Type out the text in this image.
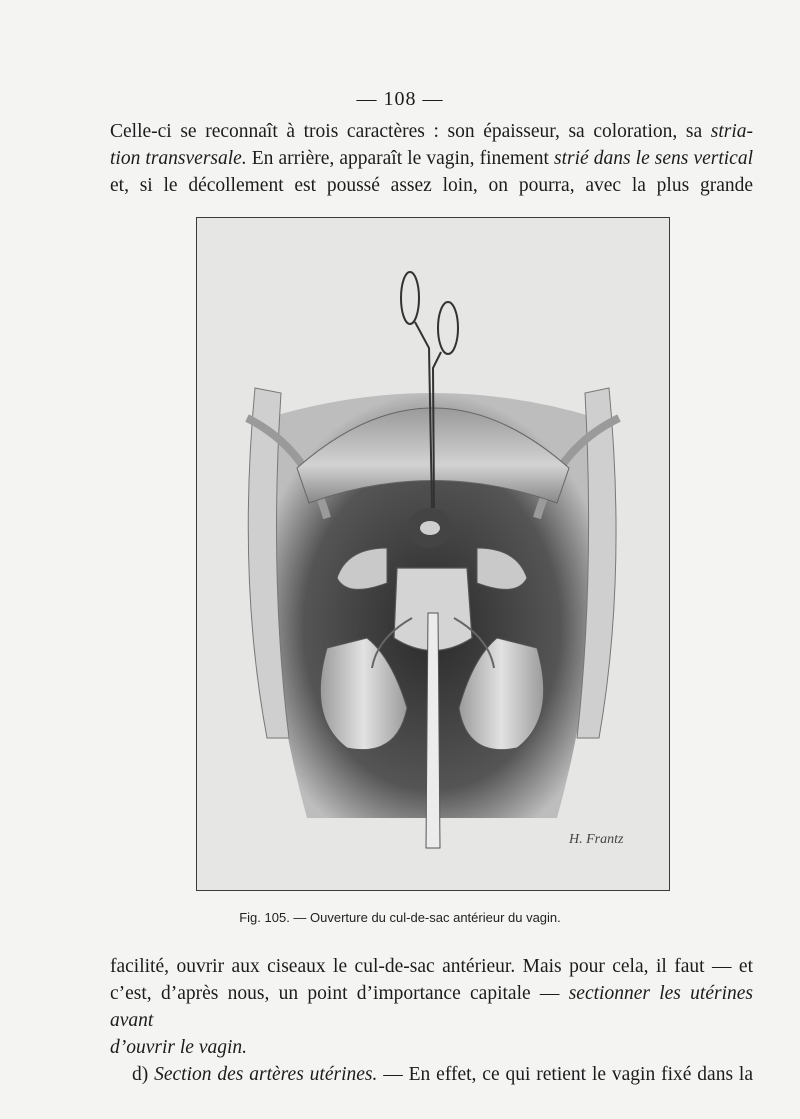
— 108 —
Celle-ci se reconnaît à trois caractères : son épaisseur, sa coloration, sa stria-
tion transversale. En arrière, apparaît le vagin, finement strié dans le sens vertical
et, si le décollement est poussé assez loin, on pourra, avec la plus grande
H. Frantz
Fig. 105. — Ouverture du cul-de-sac antérieur du vagin.
facilité, ouvrir aux ciseaux le cul-de-sac antérieur. Mais pour cela, il faut — et
c’est, d’après nous, un point d’importance capitale — sectionner les utérines avant
d’ouvrir le vagin.
d) Section des artères utérines. — En effet, ce qui retient le vagin fixé dans la
